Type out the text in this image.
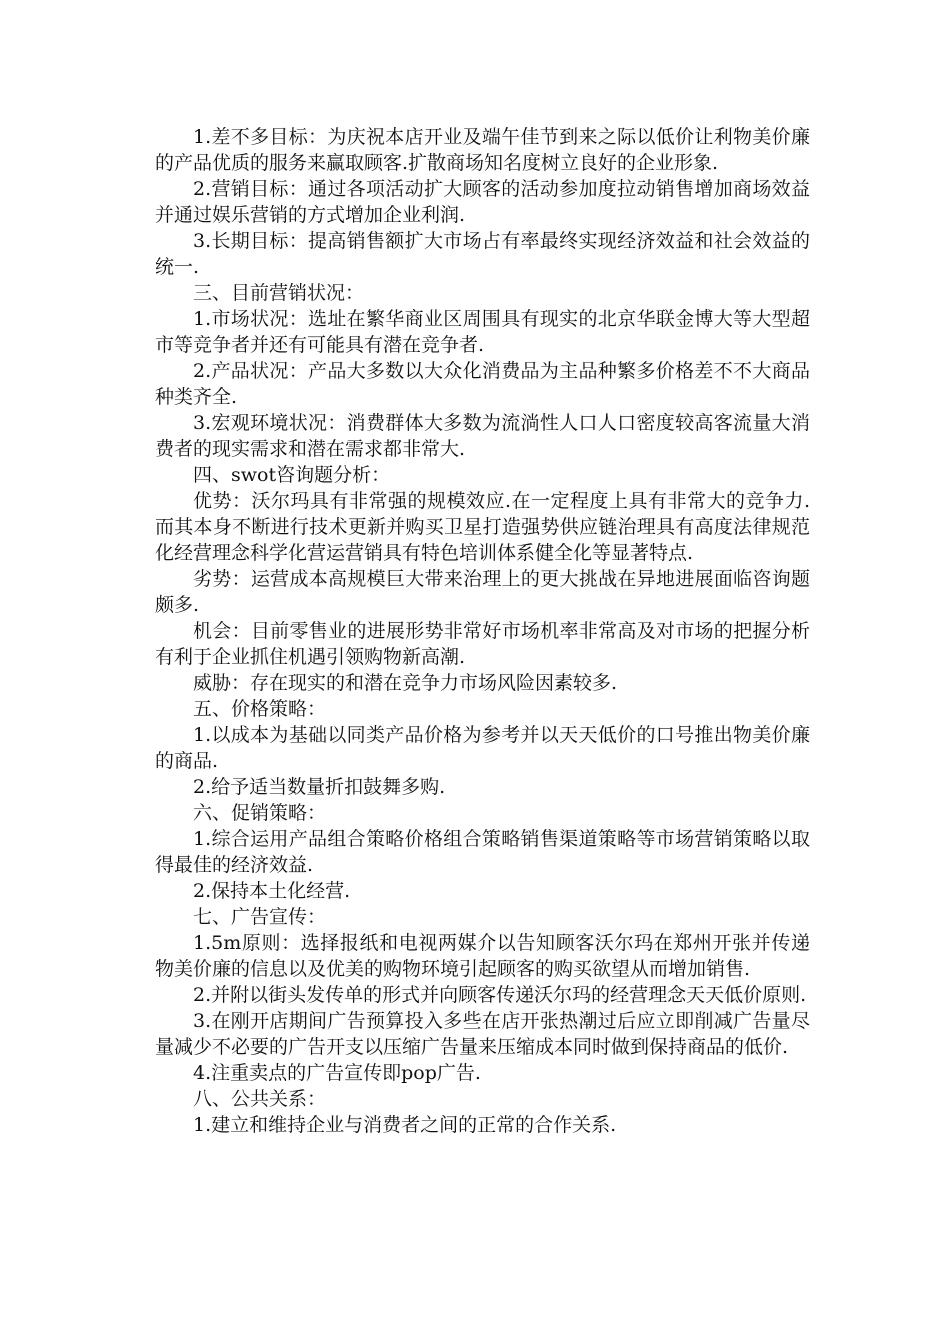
1.差不多目标：为庆祝本店开业及端午佳节到来之际以低价让利物美价廉的产品优质的服务来赢取顾客.扩散商场知名度树立良好的企业形象.

2.营销目标：通过各项活动扩大顾客的活动参加度拉动销售增加商场效益并通过娱乐营销的方式增加企业利润.

3.长期目标：提高销售额扩大市场占有率最终实现经济效益和社会效益的统一.

三、目前营销状况：

1.市场状况：选址在繁华商业区周围具有现实的北京华联金博大等大型超市等竞争者并还有可能具有潜在竞争者.

2.产品状况：产品大多数以大众化消费品为主品种繁多价格差不不大商品种类齐全.

3.宏观环境状况：消费群体大多数为流淌性人口人口密度较高客流量大消费者的现实需求和潜在需求都非常大.

四、swot咨询题分析：

优势：沃尔玛具有非常强的规模效应.在一定程度上具有非常大的竞争力.而其本身不断进行技术更新并购买卫星打造强势供应链治理具有高度法律规范化经营理念科学化营运营销具有特色培训体系健全化等显著特点.

劣势：运营成本高规模巨大带来治理上的更大挑战在异地进展面临咨询题颇多.

机会：目前零售业的进展形势非常好市场机率非常高及对市场的把握分析有利于企业抓住机遇引领购物新高潮.

威胁：存在现实的和潜在竞争力市场风险因素较多.

五、价格策略：

1.以成本为基础以同类产品价格为参考并以天天低价的口号推出物美价廉的商品.

2.给予适当数量折扣鼓舞多购.

六、促销策略：

1.综合运用产品组合策略价格组合策略销售渠道策略等市场营销策略以取得最佳的经济效益.

2.保持本土化经营.

七、广告宣传：

1.5m原则：选择报纸和电视两媒介以告知顾客沃尔玛在郑州开张并传递物美价廉的信息以及优美的购物环境引起顾客的购买欲望从而增加销售.

2.并附以街头发传单的形式并向顾客传递沃尔玛的经营理念天天低价原则.

3.在刚开店期间广告预算投入多些在店开张热潮过后应立即削减广告量尽量减少不必要的广告开支以压缩广告量来压缩成本同时做到保持商品的低价.

4.注重卖点的广告宣传即pop广告.

八、公共关系：

1.建立和维持企业与消费者之间的正常的合作关系.
